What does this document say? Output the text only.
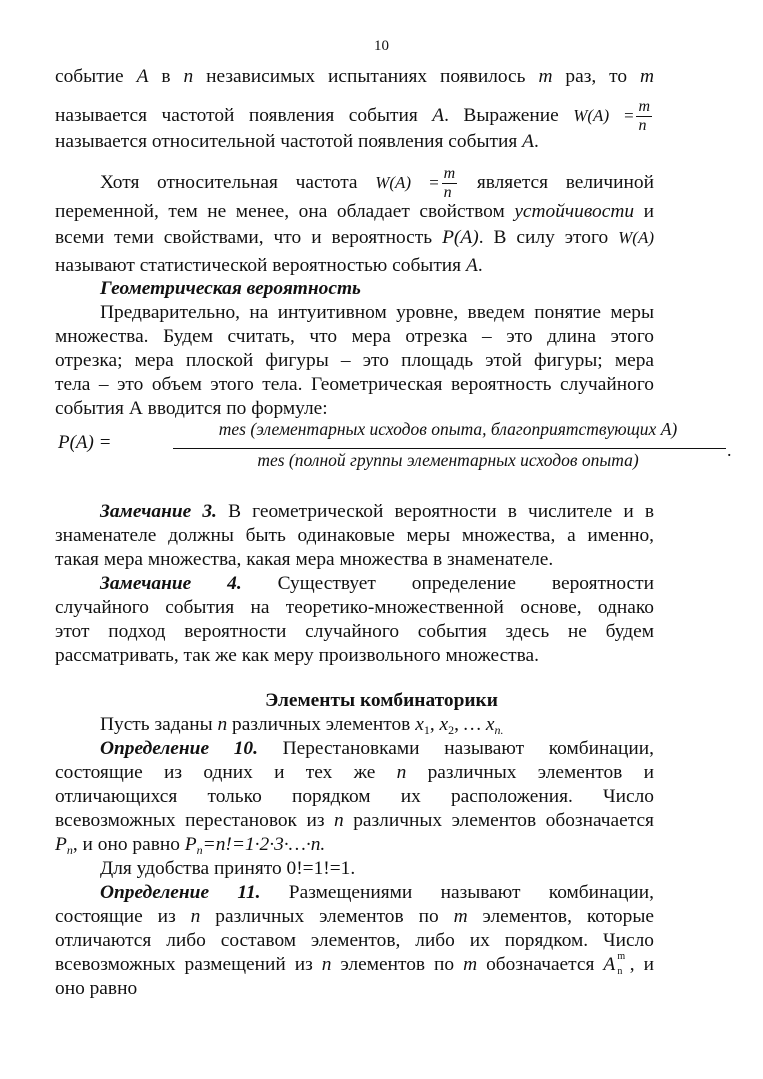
10
событие A в n независимых испытаниях появилось m раз, то m
называется частотой появления события A. Выражение $W(A) = \frac{m}{n}$
называется относительной частотой появления события A.
Хотя относительная частота $W(A) = \frac{m}{n}$ является величиной
переменной, тем не менее, она обладает свойством устойчивости и
всеми теми свойствами, что и вероятность P(A). В силу этого W(A)
называют статистической вероятностью события A.
Геометрическая вероятность
Предварительно, на интуитивном уровне, введем понятие меры
множества. Будем считать, что мера отрезка – это длина этого
отрезка; мера плоской фигуры – это площадь этой фигуры; мера
тела – это объем этого тела. Геометрическая вероятность случайного
события А вводится по формуле:
P(A) =
mes (элементарных исходов опыта, благоприятствующих A)
mes (полной группы элементарных исходов опыта)	.
Замечание 3. В геометрической вероятности в числителе и в
знаменателе должны быть одинаковые меры множества, а именно,
такая мера множества, какая мера множества в знаменателе.
Замечание 4. Существует определение вероятности
случайного события на теоретико-множественной основе, однако
этот подход вероятности случайного события здесь не будем
рассматривать, так же как меру произвольного множества.
Элементы комбинаторики
Пусть заданы n различных элементов $x_1$, $x_2$, … $x_{n.}$
Определение 10. Перестановками называют комбинации,
состоящие из одних и тех же n различных элементов и
отличающихся только порядком их расположения. Число
всевозможных перестановок из n различных элементов обозначается
$P_n$, и оно равно $P_n=n!=1\cdot 2\cdot 3\cdot\dots\cdot n$.
Для удобства принято 0!=1!=1.
Определение 11. Размещениями называют комбинации,
состоящие из n различных элементов по m элементов, которые
отличаются либо составом элементов, либо их порядком. Число
всевозможных размещений из n элементов по m обозначается A m
n , и
оно равно
